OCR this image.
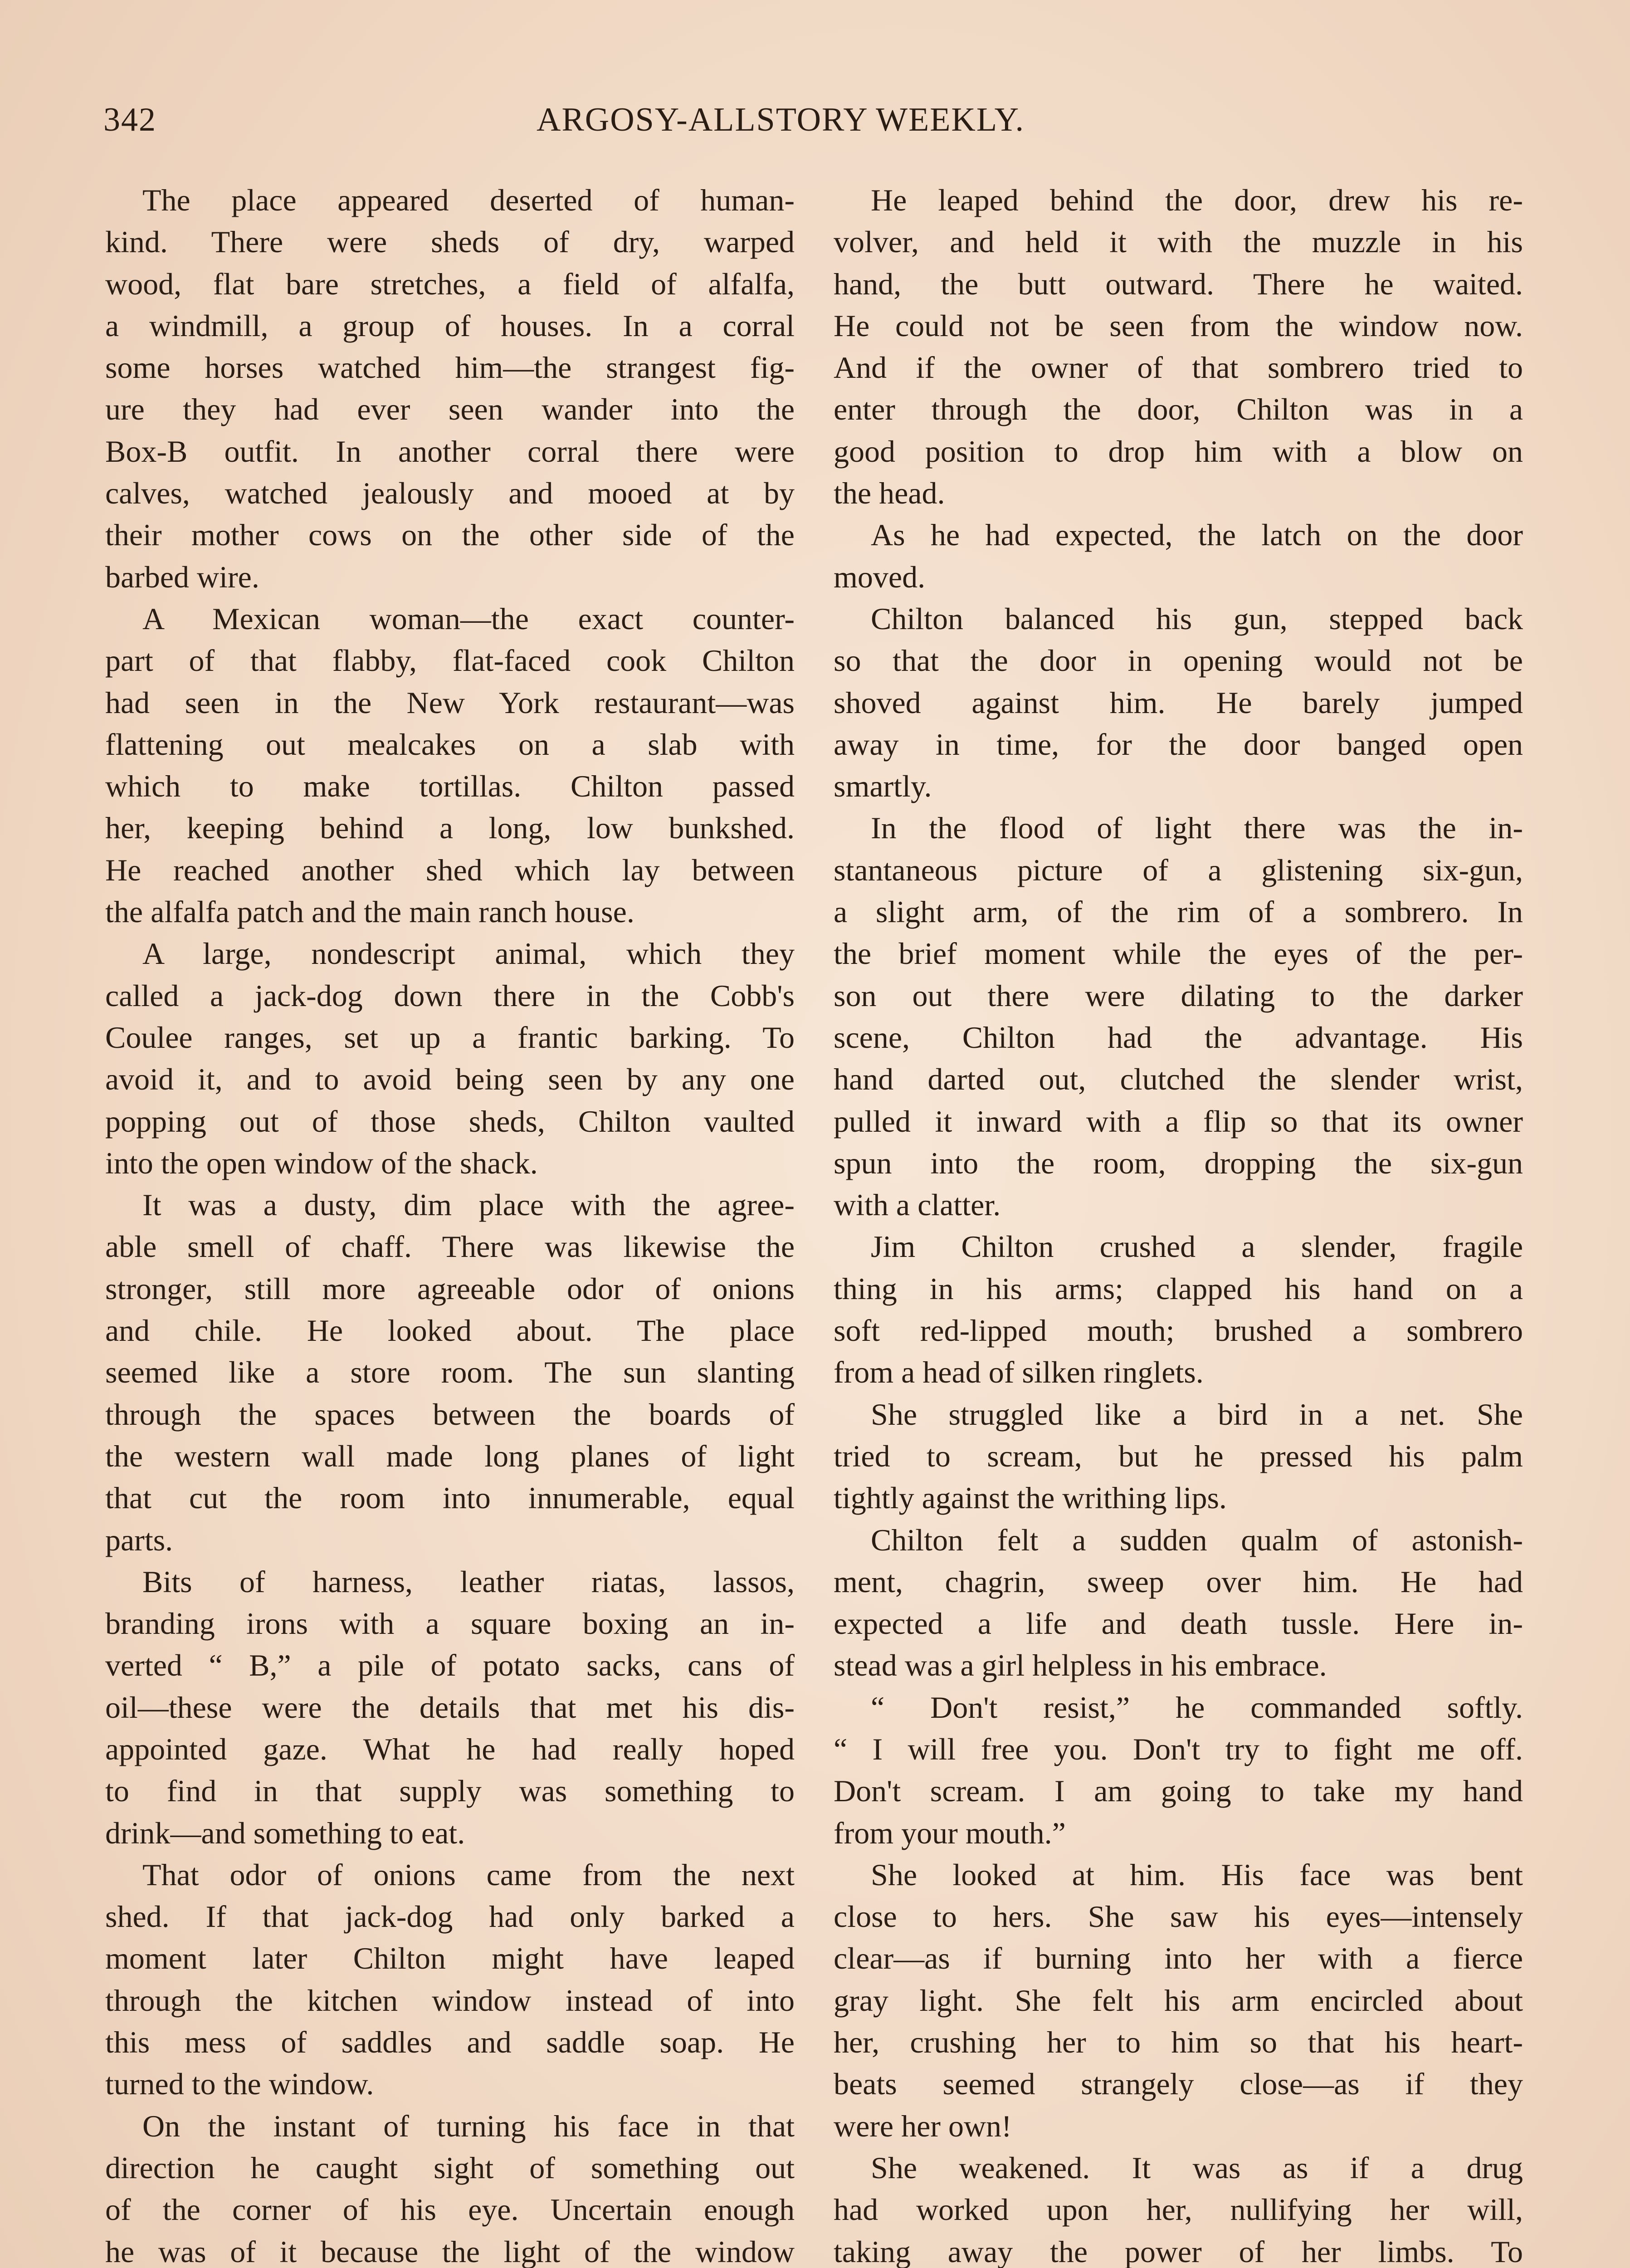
342	ARGOSY-ALLSTORY WEEKLY.
The place appeared deserted of human-
kind. There were sheds of dry, warped
wood, flat bare stretches, a field of alfalfa,
a windmill, a group of houses. In a corral
some horses watched him—the strangest fig-
ure they had ever seen wander into the
Box-B outfit. In another corral there were
calves, watched jealously and mooed at by
their mother cows on the other side of the
barbed wire.
A Mexican woman—the exact counter-
part of that flabby, flat-faced cook Chilton
had seen in the New York restaurant—was
flattening out mealcakes on a slab with
which to make tortillas. Chilton passed
her, keeping behind a long, low bunkshed.
He reached another shed which lay between
the alfalfa patch and the main ranch house.
A large, nondescript animal, which they
called a jack-dog down there in the Cobb's
Coulee ranges, set up a frantic barking. To
avoid it, and to avoid being seen by any one
popping out of those sheds, Chilton vaulted
into the open window of the shack.
It was a dusty, dim place with the agree-
able smell of chaff. There was likewise the
stronger, still more agreeable odor of onions
and chile. He looked about. The place
seemed like a store room. The sun slanting
through the spaces between the boards of
the western wall made long planes of light
that cut the room into innumerable, equal
parts.
Bits of harness, leather riatas, lassos,
branding irons with a square boxing an in-
verted “ B,” a pile of potato sacks, cans of
oil—these were the details that met his dis-
appointed gaze. What he had really hoped
to find in that supply was something to
drink—and something to eat.
That odor of onions came from the next
shed. If that jack-dog had only barked a
moment later Chilton might have leaped
through the kitchen window instead of into
this mess of saddles and saddle soap. He
turned to the window.
On the instant of turning his face in that
direction he caught sight of something out
of the corner of his eye. Uncertain enough
he was of it because the light of the window
He leaped behind the door, drew his re-
volver, and held it with the muzzle in his
hand, the butt outward. There he waited.
He could not be seen from the window now.
And if the owner of that sombrero tried to
enter through the door, Chilton was in a
good position to drop him with a blow on
the head.
As he had expected, the latch on the door
moved.
Chilton balanced his gun, stepped back
so that the door in opening would not be
shoved against him. He barely jumped
away in time, for the door banged open
smartly.
In the flood of light there was the in-
stantaneous picture of a glistening six-gun,
a slight arm, of the rim of a sombrero. In
the brief moment while the eyes of the per-
son out there were dilating to the darker
scene, Chilton had the advantage. His
hand darted out, clutched the slender wrist,
pulled it inward with a flip so that its owner
spun into the room, dropping the six-gun
with a clatter.
Jim Chilton crushed a slender, fragile
thing in his arms; clapped his hand on a
soft red-lipped mouth; brushed a sombrero
from a head of silken ringlets.
She struggled like a bird in a net. She
tried to scream, but he pressed his palm
tightly against the writhing lips.
Chilton felt a sudden qualm of astonish-
ment, chagrin, sweep over him. He had
expected a life and death tussle. Here in-
stead was a girl helpless in his embrace.
“ Don't resist,” he commanded softly.
“ I will free you. Don't try to fight me off.
Don't scream. I am going to take my hand
from your mouth.”
She looked at him. His face was bent
close to hers. She saw his eyes—intensely
clear—as if burning into her with a fierce
gray light. She felt his arm encircled about
her, crushing her to him so that his heart-
beats seemed strangely close—as if they
were her own!
She weakened. It was as if a drug
had worked upon her, nullifying her will,
taking away the power of her limbs. To
